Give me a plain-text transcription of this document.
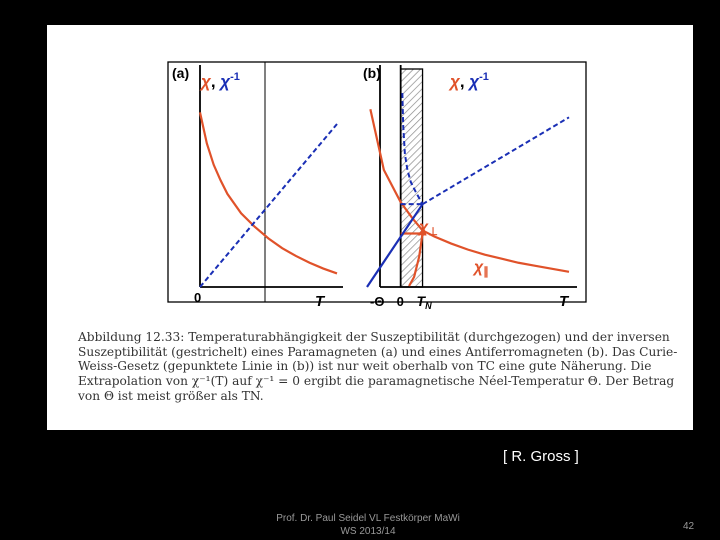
(a) χ, $\chi^{-1}$
T
0
(b)	χ, $\chi^{-1}$
T
-Θ 0 $T_N$
χ⊥
χ∥
Abbildung 12.33: Temperaturabhängigkeit der Suszeptibilität (durchgezogen) und der inversen Suszeptibilität (gestrichelt) eines Paramagneten (a) und eines Antiferromagneten (b). Das Curie-Weiss-Gesetz (gepunktete Linie in (b)) ist nur weit oberhalb von TC eine gute Näherung. Die Extrapolation von χ⁻¹(T) auf χ⁻¹ = 0 ergibt die paramagnetische Néel-Temperatur Θ. Der Betrag von Θ ist meist größer als TN.
[ R. Gross ]
Prof. Dr. Paul Seidel VL Festkörper MaWi
WS 2013/14	42
